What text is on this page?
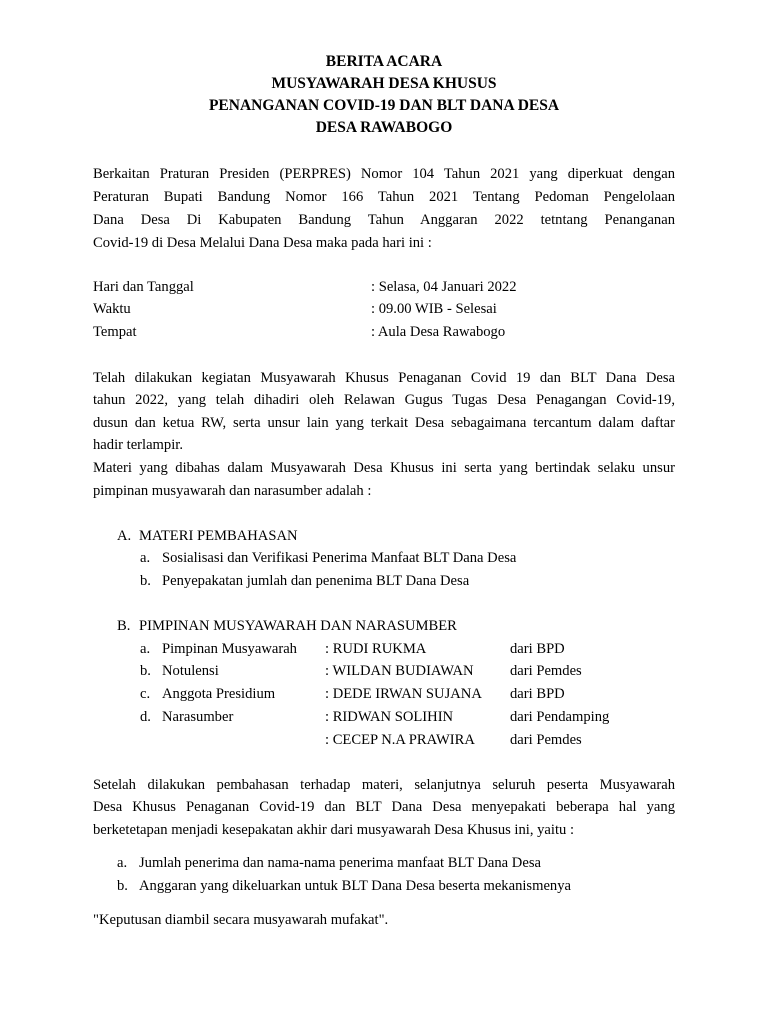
BERITA ACARA
MUSYAWARAH DESA KHUSUS
PENANGANAN COVID-19 DAN BLT DANA DESA
DESA RAWABOGO
Berkaitan Praturan Presiden (PERPRES) Nomor 104 Tahun 2021 yang diperkuat dengan
Peraturan Bupati Bandung Nomor 166 Tahun 2021 Tentang Pedoman Pengelolaan
Dana Desa Di Kabupaten Bandung Tahun Anggaran 2022 tetntang Penanganan
Covid-19 di Desa Melalui Dana Desa maka pada hari ini :
Hari dan Tanggal	: Selasa, 04 Januari 2022
Waktu	: 09.00 WIB - Selesai
Tempat	: Aula Desa Rawabogo
Telah dilakukan kegiatan Musyawarah Khusus Penaganan Covid 19 dan BLT Dana Desa
tahun 2022, yang telah dihadiri oleh Relawan Gugus Tugas Desa Penagangan Covid-19,
dusun dan ketua RW, serta unsur lain yang terkait Desa sebagaimana tercantum dalam daftar
hadir terlampir.
Materi yang dibahas dalam Musyawarah Desa Khusus ini serta yang bertindak selaku unsur
pimpinan musyawarah dan narasumber adalah :
A. MATERI PEMBAHASAN
a. Sosialisasi dan Verifikasi Penerima Manfaat BLT Dana Desa
b. Penyepakatan jumlah dan penenima BLT Dana Desa
B. PIMPINAN MUSYAWARAH DAN NARASUMBER
a. Pimpinan Musyawarah : RUDI RUKMA	dari BPD
b. Notulensi	: WILDAN BUDIAWAN dari Pemdes
c. Anggota Presidium	: DEDE IRWAN SUJANA dari BPD
d. Narasumber	: RIDWAN SOLIHIN	dari Pendamping
: CECEP N.A PRAWIRA dari Pemdes
Setelah dilakukan pembahasan terhadap materi, selanjutnya seluruh peserta Musyawarah
Desa Khusus Penaganan Covid-19 dan BLT Dana Desa menyepakati beberapa hal yang
berketetapan menjadi kesepakatan akhir dari musyawarah Desa Khusus ini, yaitu :
a. Jumlah penerima dan nama-nama penerima manfaat BLT Dana Desa
b. Anggaran yang dikeluarkan untuk BLT Dana Desa beserta mekanismenya
"Keputusan diambil secara musyawarah mufakat".
